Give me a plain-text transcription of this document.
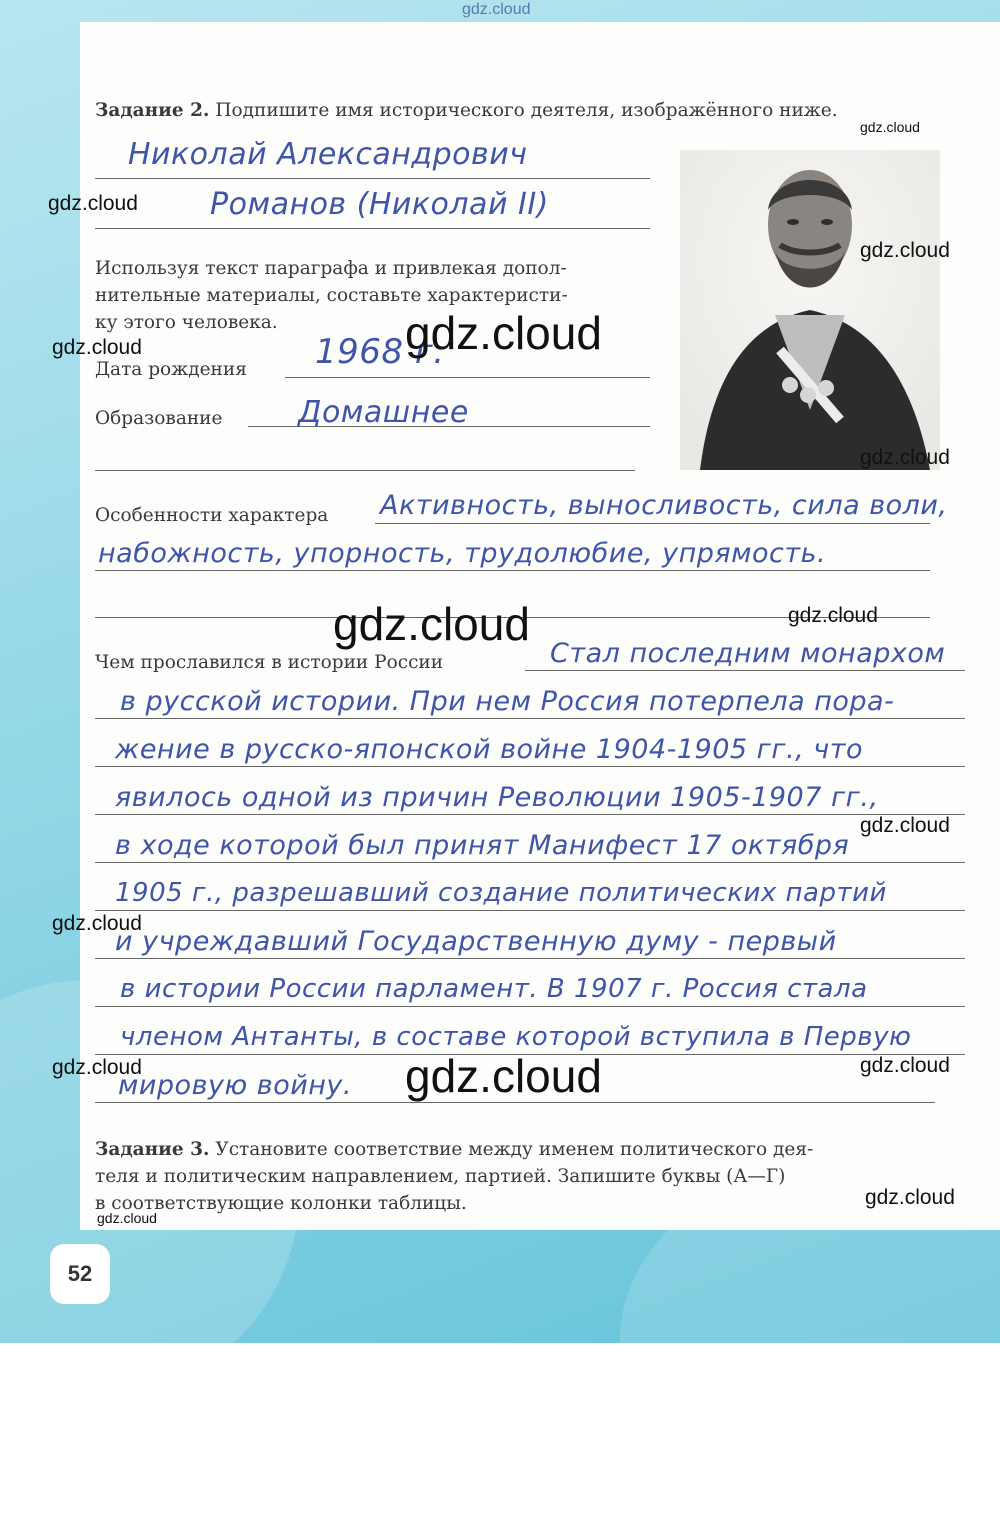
gdz.cloud
Задание 2. Подпишите имя исторического деятеля, изображённого ниже.
Николай Александрович
Романов (Николай II)
Используя текст параграфа и привлекая допол-
нительные материалы, составьте характеристи-
ку этого человека.
Дата рождения 1968 г.
Образование	Домашнее
Особенности характера Активность, выносливость, сила воли,
набожность, упорность, трудолюбие, упрямость.
Чем прославился в истории России	Стал последним монархом
в русской истории. При нем Россия потерпела пора-
жение в русско-японской войне 1904-1905 гг., что
явилось одной из причин Революции 1905-1907 гг.,
в ходе которой был принят Манифест 17 октября
1905 г., разрешавший создание политических партий
и учреждавший Государственную думу - первый
в истории России парламент. В 1907 г. Россия стала
членом Антанты, в составе которой вступила в Первую
мировую войну.
Задание 3. Установите соответствие между именем политического дея-
теля и политическим направлением, партией. Запишите буквы (А—Г)
в соответствующие колонки таблицы.
gdz.cloud
gdz.cloud
gdz.cloud
gdz.cloud
gdz.cloud
gdz.cloud
gdz.cloud
gdz.cloud
gdz.cloud
gdz.cloud
gdz.cloud	gdz.cloud	gdz.cloud
gdz.cloud
gdz.cloud
52
